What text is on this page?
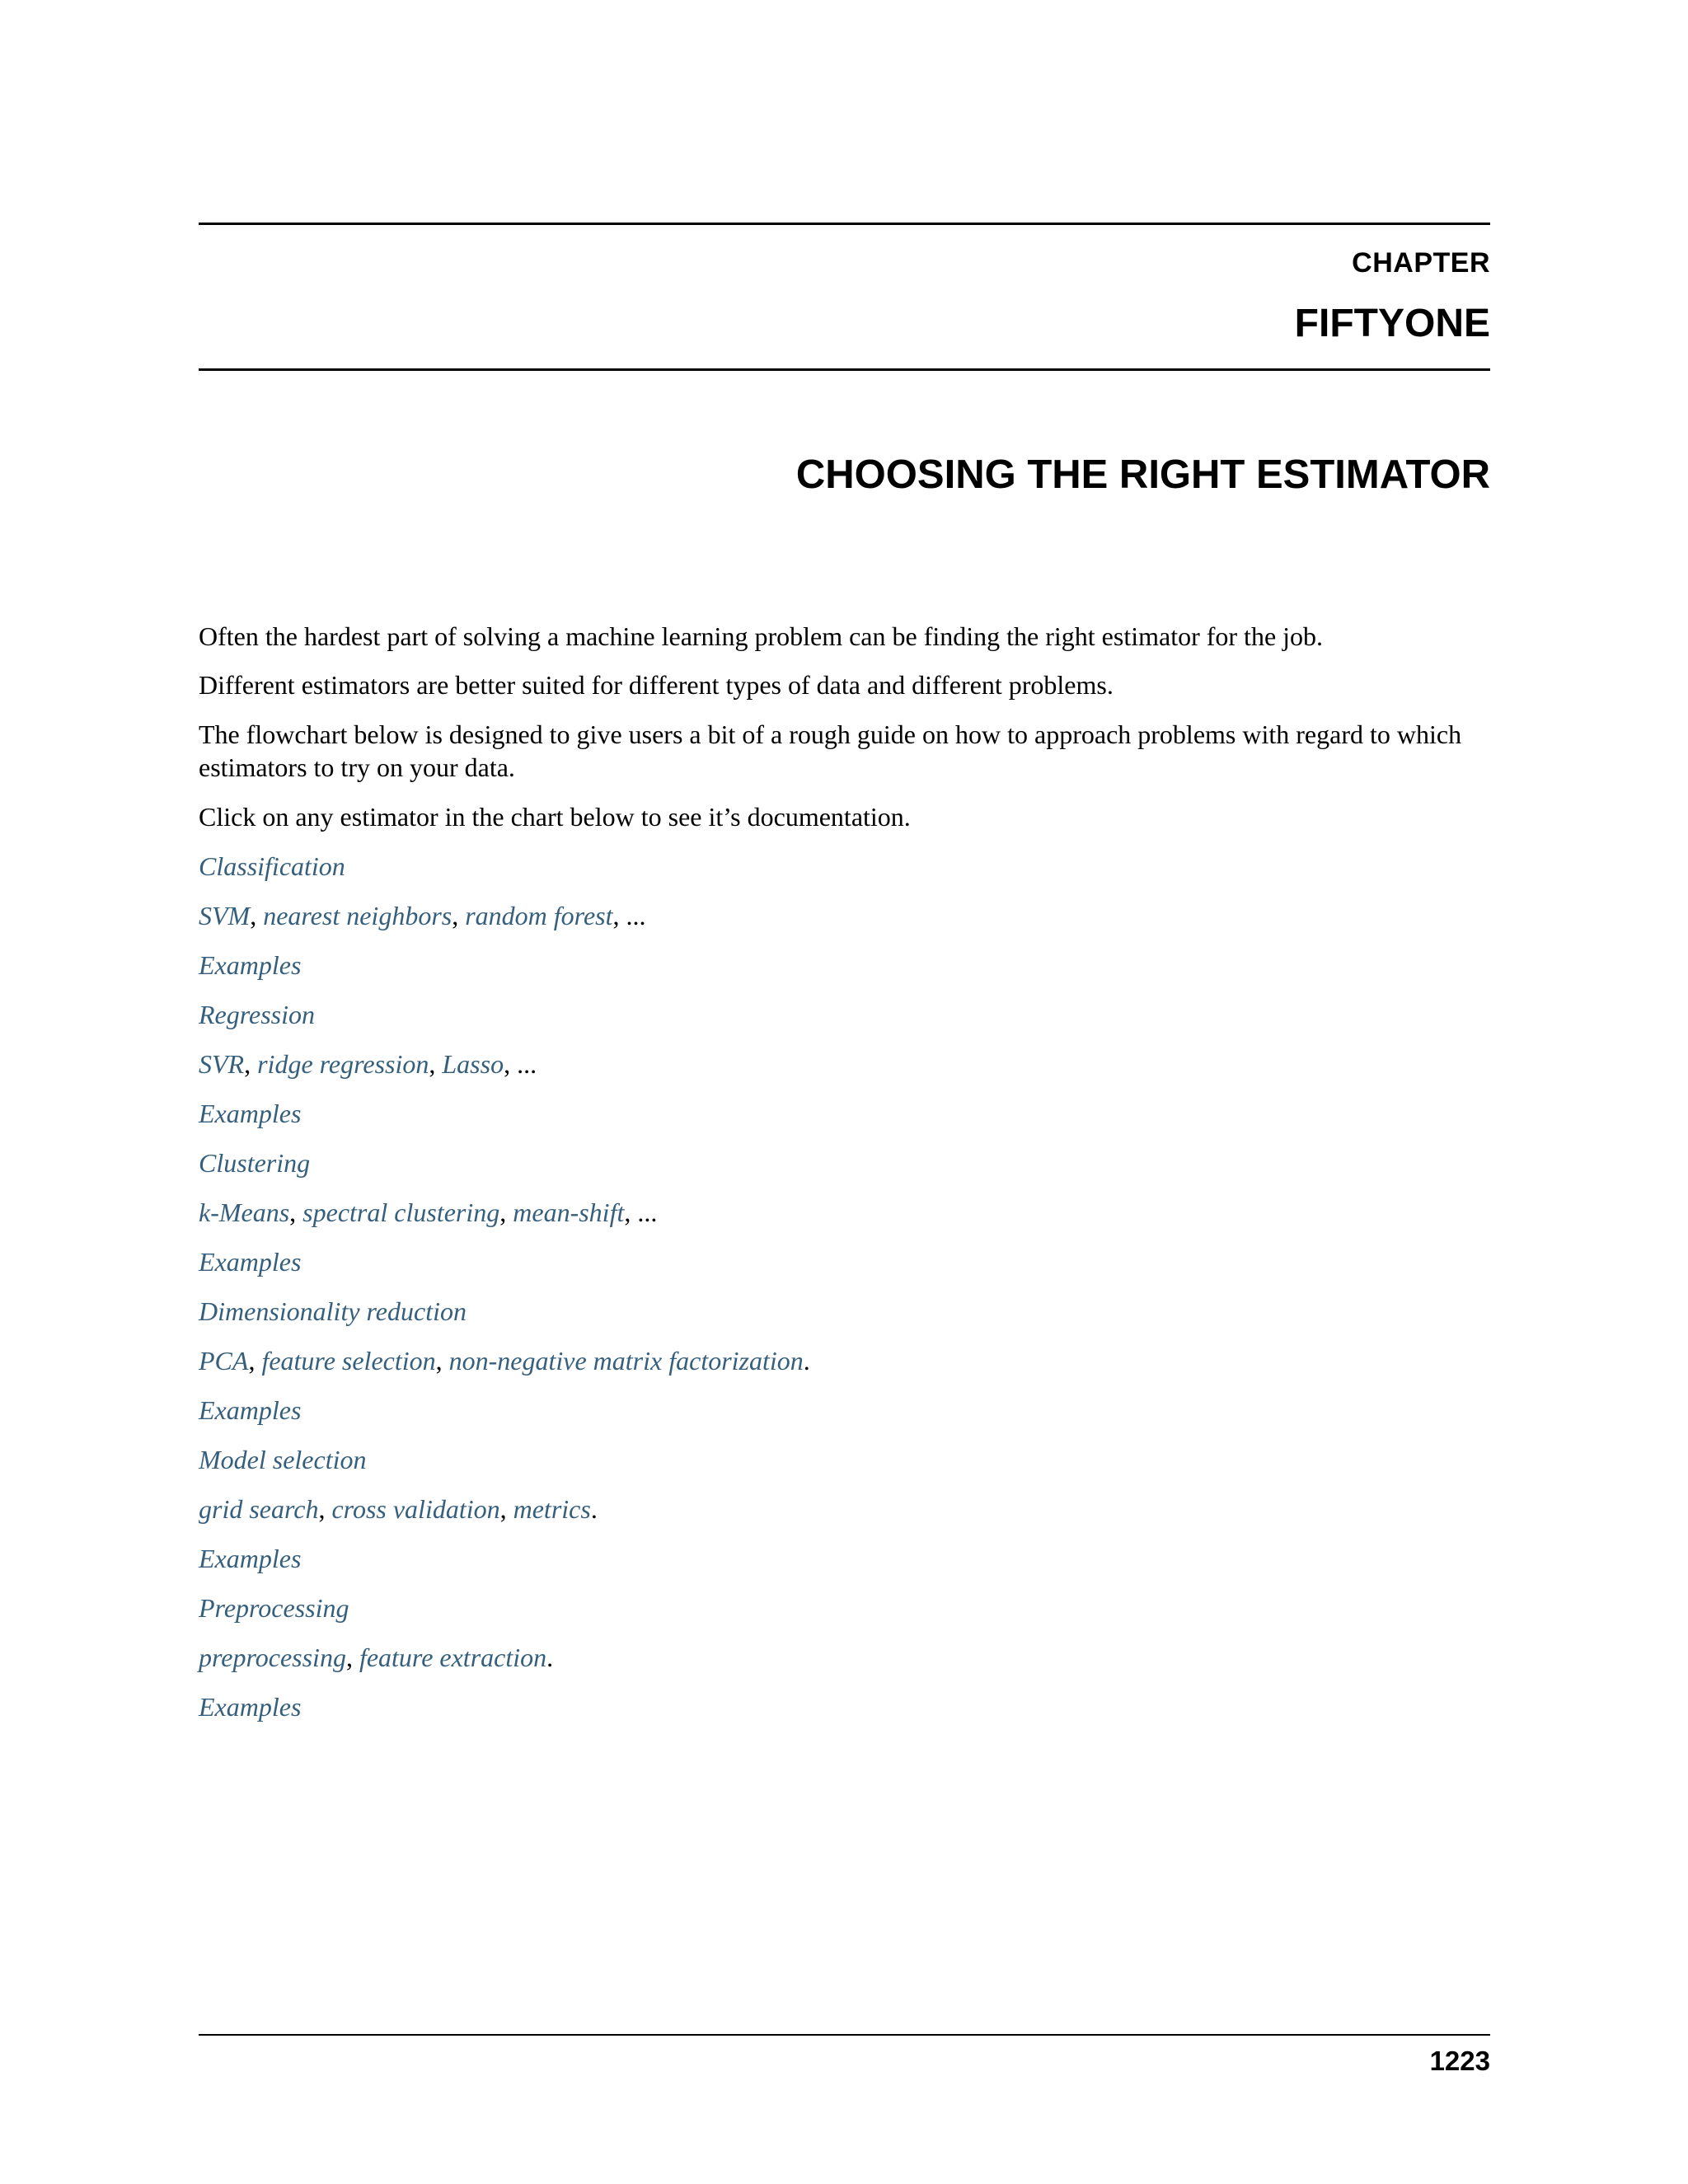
CHAPTER
FIFTYONE
CHOOSING THE RIGHT ESTIMATOR

Often the hardest part of solving a machine learning problem can be finding the right estimator for the job.

Different estimators are better suited for different types of data and different problems.

The flowchart below is designed to give users a bit of a rough guide on how to approach problems with regard to which
estimators to try on your data.

Click on any estimator in the chart below to see it’s documentation.

Classification

SVM, nearest neighbors, random forest, ...

Examples

Regression

SVR, ridge regression, Lasso, ...

Examples

Clustering

k-Means, spectral clustering, mean-shift, ...

Examples

Dimensionality reduction

PCA, feature selection, non-negative matrix factorization.

Examples

Model selection

grid search, cross validation, metrics.

Examples

Preprocessing

preprocessing, feature extraction.

Examples

1223
